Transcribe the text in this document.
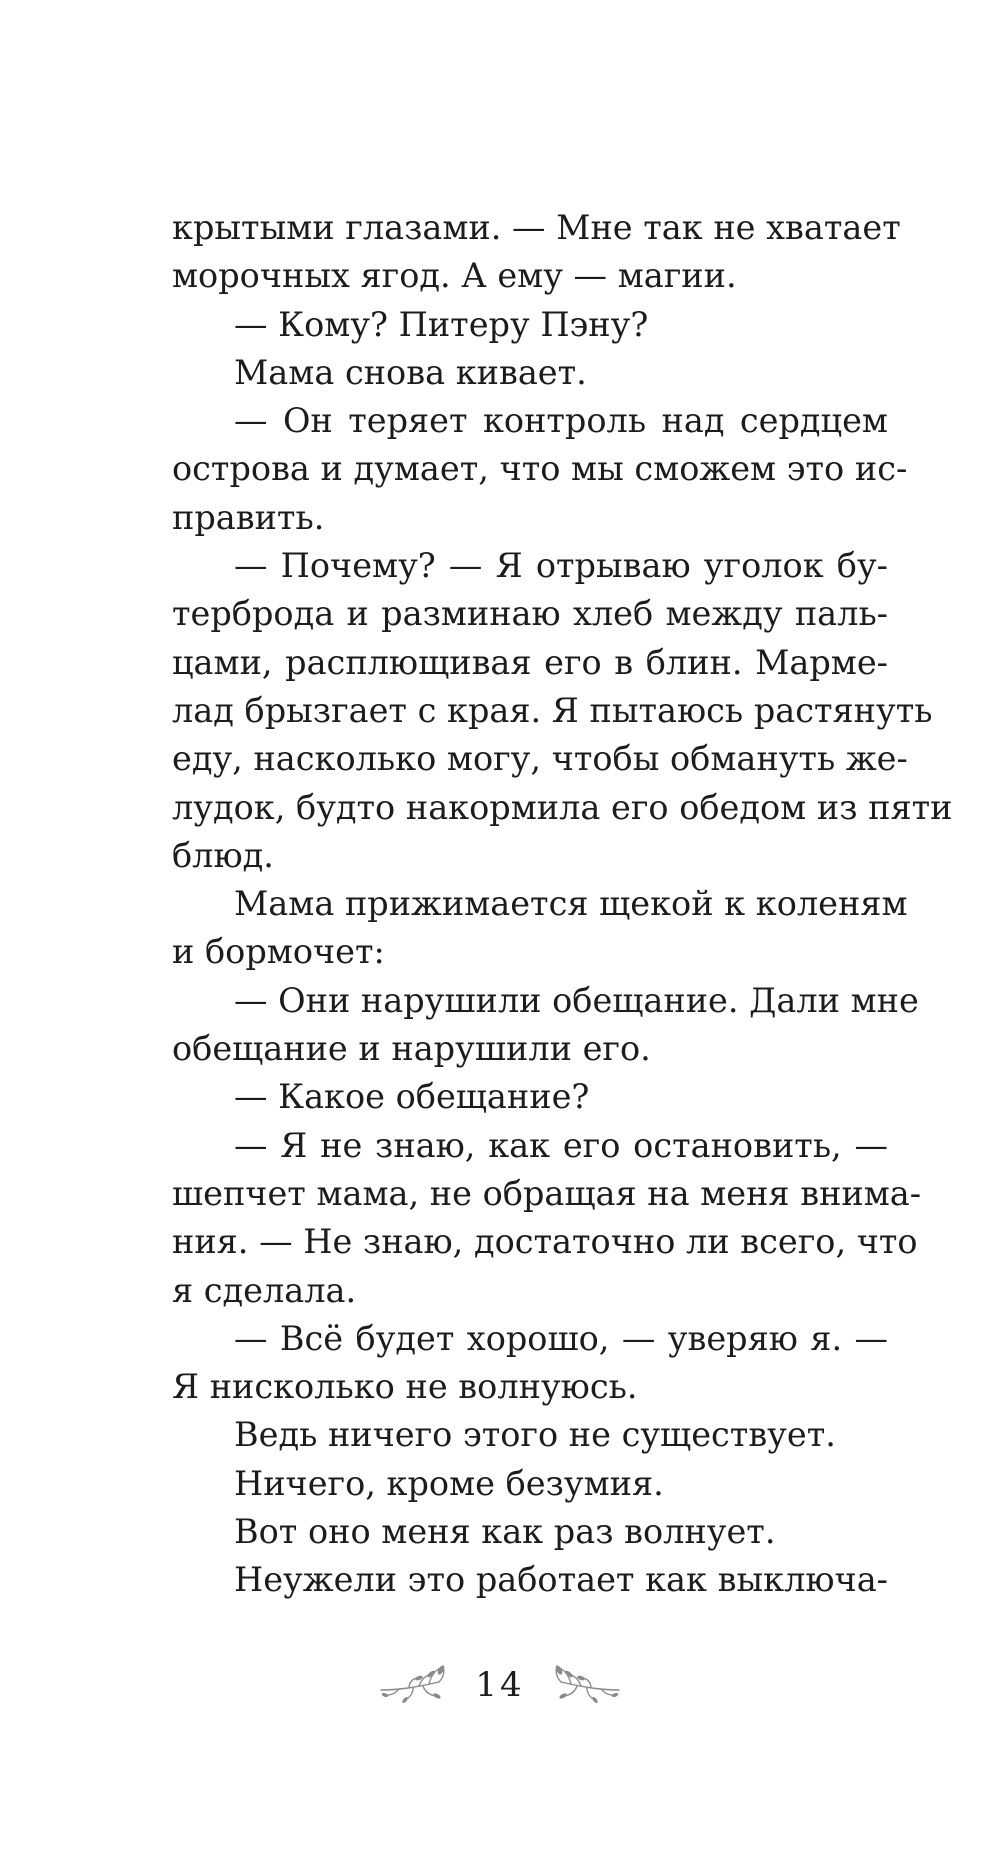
крытыми глазами. — Мне так не хватает
морочных ягод. А ему — магии.
— Кому? Питеру Пэну?
Мама снова кивает.
— Он теряет контроль над сердцем
острова и думает, что мы сможем это ис-
править.
— Почему? — Я отрываю уголок бу-
терброда и разминаю хлеб между паль-
цами, расплющивая его в блин. Марме-
лад брызгает с края. Я пытаюсь растянуть
еду, насколько могу, чтобы обмануть же-
лудок, будто накормила его обедом из пяти
блюд.
Мама прижимается щекой к коленям
и бормочет:
— Они нарушили обещание. Дали мне
обещание и нарушили его.
— Какое обещание?
— Я не знаю, как его остановить, —
шепчет мама, не обращая на меня внима-
ния. — Не знаю, достаточно ли всего, что
я сделала.
— Всё будет хорошо, — уверяю я. —
Я нисколько не волнуюсь.
Ведь ничего этого не существует.
Ничего, кроме безумия.
Вот оно меня как раз волнует.
Неужели это работает как выключа-
14
